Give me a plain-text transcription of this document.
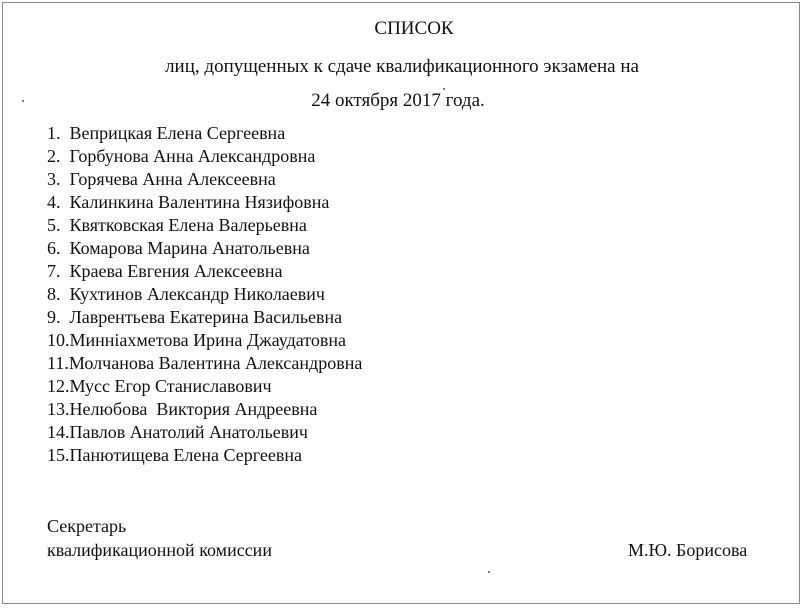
СПИСОК
лиц, допущенных к сдаче квалификационного экзамена на
24 октября 2017 года.
1. Веприцкая Елена Сергеевна
2. Горбунова Анна Александровна
3. Горячева Анна Алексеевна
4. Калинкина Валентина Нязифовна
5. Квятковская Елена Валерьевна
6. Комарова Марина Анатольевна
7. Краева Евгения Алексеевна
8. Кухтинов Александр Николаевич
9. Лаврентьева Екатерина Васильевна
10.Миннiахметова Ирина Джаудатовна
11.Молчанова Валентина Александровна
12.Мусс Егор Станиславович
13.Нелюбова  Виктория Андреевна
14.Павлов Анатолий Анатольевич
15.Панютищева Елена Сергеевна
Секретарь
квалификационной комиссии	М.Ю. Борисова
